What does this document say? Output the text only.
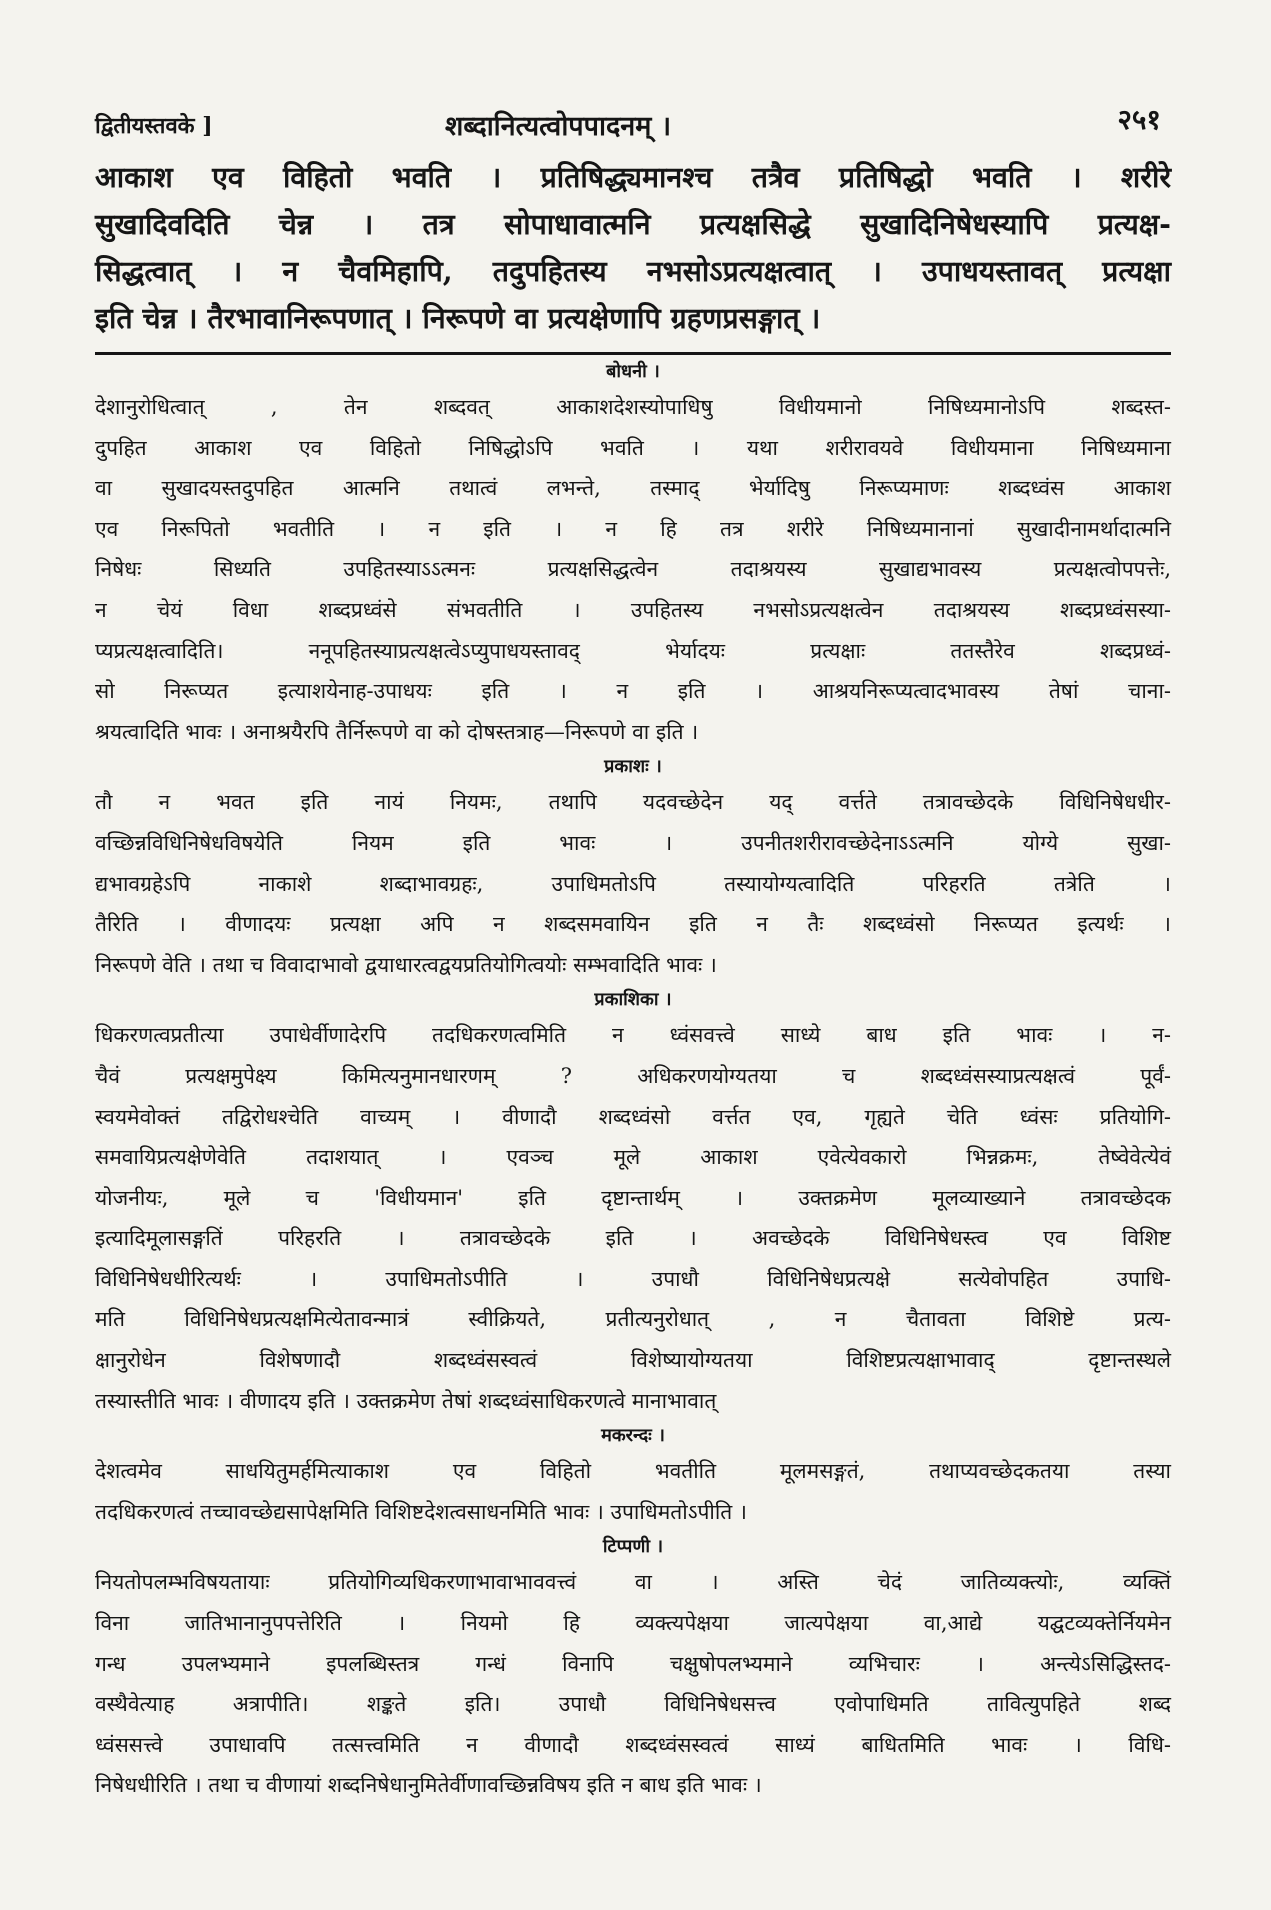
द्वितीयस्तवके ]	शब्दानित्यत्वोपपादनम् ।	२५१

आकाश एव विहितो भवति । प्रतिषिद्ध्यमानश्च तत्रैव प्रतिषिद्धो भवति । शरीरे

सुखादिवदिति चेन्न । तत्र सोपाधावात्मनि प्रत्यक्षसिद्धे सुखादिनिषेधस्यापि प्रत्यक्ष-

सिद्धत्वात् । न चैवमिहापि, तदुपहितस्य नभसोऽप्रत्यक्षत्वात् । उपाधयस्तावत् प्रत्यक्षा

इति चेन्न । तैरभावानिरूपणात् । निरूपणे वा प्रत्यक्षेणापि ग्रहणप्रसङ्गात् ।

बोधनी ।

देशानुरोधित्वात् , तेन शब्दवत् आकाशदेशस्योपाधिषु विधीयमानो निषिध्यमानोऽपि शब्दस्त-

दुपहित आकाश एव विहितो निषिद्धोऽपि भवति । यथा शरीरावयवे विधीयमाना निषिध्यमाना

वा सुखादयस्तदुपहित आत्मनि तथात्वं लभन्ते, तस्माद् भेर्यादिषु निरूप्यमाणः शब्दध्वंस आकाश

एव निरूपितो भवतीति । न इति । न हि तत्र शरीरे निषिध्यमानानां सुखादीनामर्थादात्मनि

निषेधः सिध्यति उपहितस्याऽऽत्मनः प्रत्यक्षसिद्धत्वेन तदाश्रयस्य सुखाद्यभावस्य प्रत्यक्षत्वोपपत्तेः,

न चेयं विधा शब्दप्रध्वंसे संभवतीति । उपहितस्य नभसोऽप्रत्यक्षत्वेन तदाश्रयस्य शब्दप्रध्वंसस्या-

प्यप्रत्यक्षत्वादिति। ननूपहितस्याप्रत्यक्षत्वेऽप्युपाधयस्तावद् भेर्यादयः प्रत्यक्षाः ततस्तैरेव शब्दप्रध्वं-

सो निरूप्यत इत्याशयेनाह-उपाधयः इति । न इति । आश्रयनिरूप्यत्वादभावस्य तेषां चाना-

श्रयत्वादिति भावः । अनाश्रयैरपि तैर्निरूपणे वा को दोषस्तत्राह—निरूपणे वा इति ।

प्रकाशः ।

तौ न भवत इति नायं नियमः, तथापि यदवच्छेदेन यद् वर्त्तते तत्रावच्छेदके विधिनिषेधधीर-

वच्छिन्नविधिनिषेधविषयेति नियम इति भावः । उपनीतशरीरावच्छेदेनाऽऽत्मनि योग्ये सुखा-

द्यभावग्रहेऽपि नाकाशे शब्दाभावग्रहः, उपाधिमतोऽपि तस्यायोग्यत्वादिति परिहरति तत्रेति ।

तैरिति । वीणादयः प्रत्यक्षा अपि न शब्दसमवायिन इति न तैः शब्दध्वंसो निरूप्यत इत्यर्थः ।

निरूपणे वेति । तथा च विवादाभावो द्वयाधारत्वद्वयप्रतियोगित्वयोः सम्भवादिति भावः ।

प्रकाशिका ।

धिकरणत्वप्रतीत्या उपाधेर्वीणादेरपि तदधिकरणत्वमिति न ध्वंसवत्त्वे साध्ये बाध इति भावः । न-

चैवं प्रत्यक्षमुपेक्ष्य किमित्यनुमानधारणम् ? अधिकरणयोग्यतया च शब्दध्वंसस्याप्रत्यक्षत्वं पूर्वं-

स्वयमेवोक्तं तद्विरोधश्चेति वाच्यम् । वीणादौ शब्दध्वंसो वर्त्तत एव, गृह्यते चेति ध्वंसः प्रतियोगि-

समवायिप्रत्यक्षेणेवेति तदाशयात् । एवञ्च मूले आकाश एवेत्येवकारो भिन्नक्रमः, तेष्वेवेत्येवं

योजनीयः, मूले च 'विधीयमान' इति दृष्टान्तार्थम् । उक्तक्रमेण मूलव्याख्याने तत्रावच्छेदक

इत्यादिमूलासङ्गतिं परिहरति । तत्रावच्छेदके इति । अवच्छेदके विधिनिषेधस्त्व एव विशिष्ट

विधिनिषेधधीरित्यर्थः । उपाधिमतोऽपीति । उपाधौ विधिनिषेधप्रत्यक्षे सत्येवोपहित उपाधि-

मति विधिनिषेधप्रत्यक्षमित्येतावन्मात्रं स्वीक्रियते, प्रतीत्यनुरोधात् , न चैतावता विशिष्टे प्रत्य-

क्षानुरोधेन विशेषणादौ शब्दध्वंसस्वत्वं विशेष्यायोग्यतया विशिष्टप्रत्यक्षाभावाद् दृष्टान्तस्थले

तस्यास्तीति भावः । वीणादय इति । उक्तक्रमेण तेषां शब्दध्वंसाधिकरणत्वे मानाभावात्

मकरन्दः ।

देशत्वमेव साधयितुमर्हमित्याकाश एव विहितो भवतीति मूलमसङ्गतं, तथाप्यवच्छेदकतया तस्या

तदधिकरणत्वं तच्चावच्छेद्यसापेक्षमिति विशिष्टदेशत्वसाधनमिति भावः । उपाधिमतोऽपीति ।

टिप्पणी ।

नियतोपलम्भविषयतायाः प्रतियोगिव्यधिकरणाभावाभाववत्त्वं वा । अस्ति चेदं जातिव्यक्त्योः, व्यक्तिं

विना जातिभानानुपपत्तेरिति । नियमो हि व्यक्त्यपेक्षया जात्यपेक्षया वा,आद्ये यद्घटव्यक्तेर्नियमेन

गन्ध उपलभ्यमाने इपलब्धिस्तत्र गन्धं विनापि चक्षुषोपलभ्यमाने व्यभिचारः । अन्त्येऽसिद्धिस्तद-

वस्थैवेत्याह अत्रापीति। शङ्कते इति। उपाधौ विधिनिषेधसत्त्व एवोपाधिमति तावित्युपहिते शब्द

ध्वंससत्त्वे उपाधावपि तत्सत्त्वमिति न वीणादौ शब्दध्वंसस्वत्वं साध्यं बाधितमिति भावः । विधि-

निषेधधीरिति । तथा च वीणायां शब्दनिषेधानुमितेर्वीणावच्छिन्नविषय इति न बाध इति भावः ।
